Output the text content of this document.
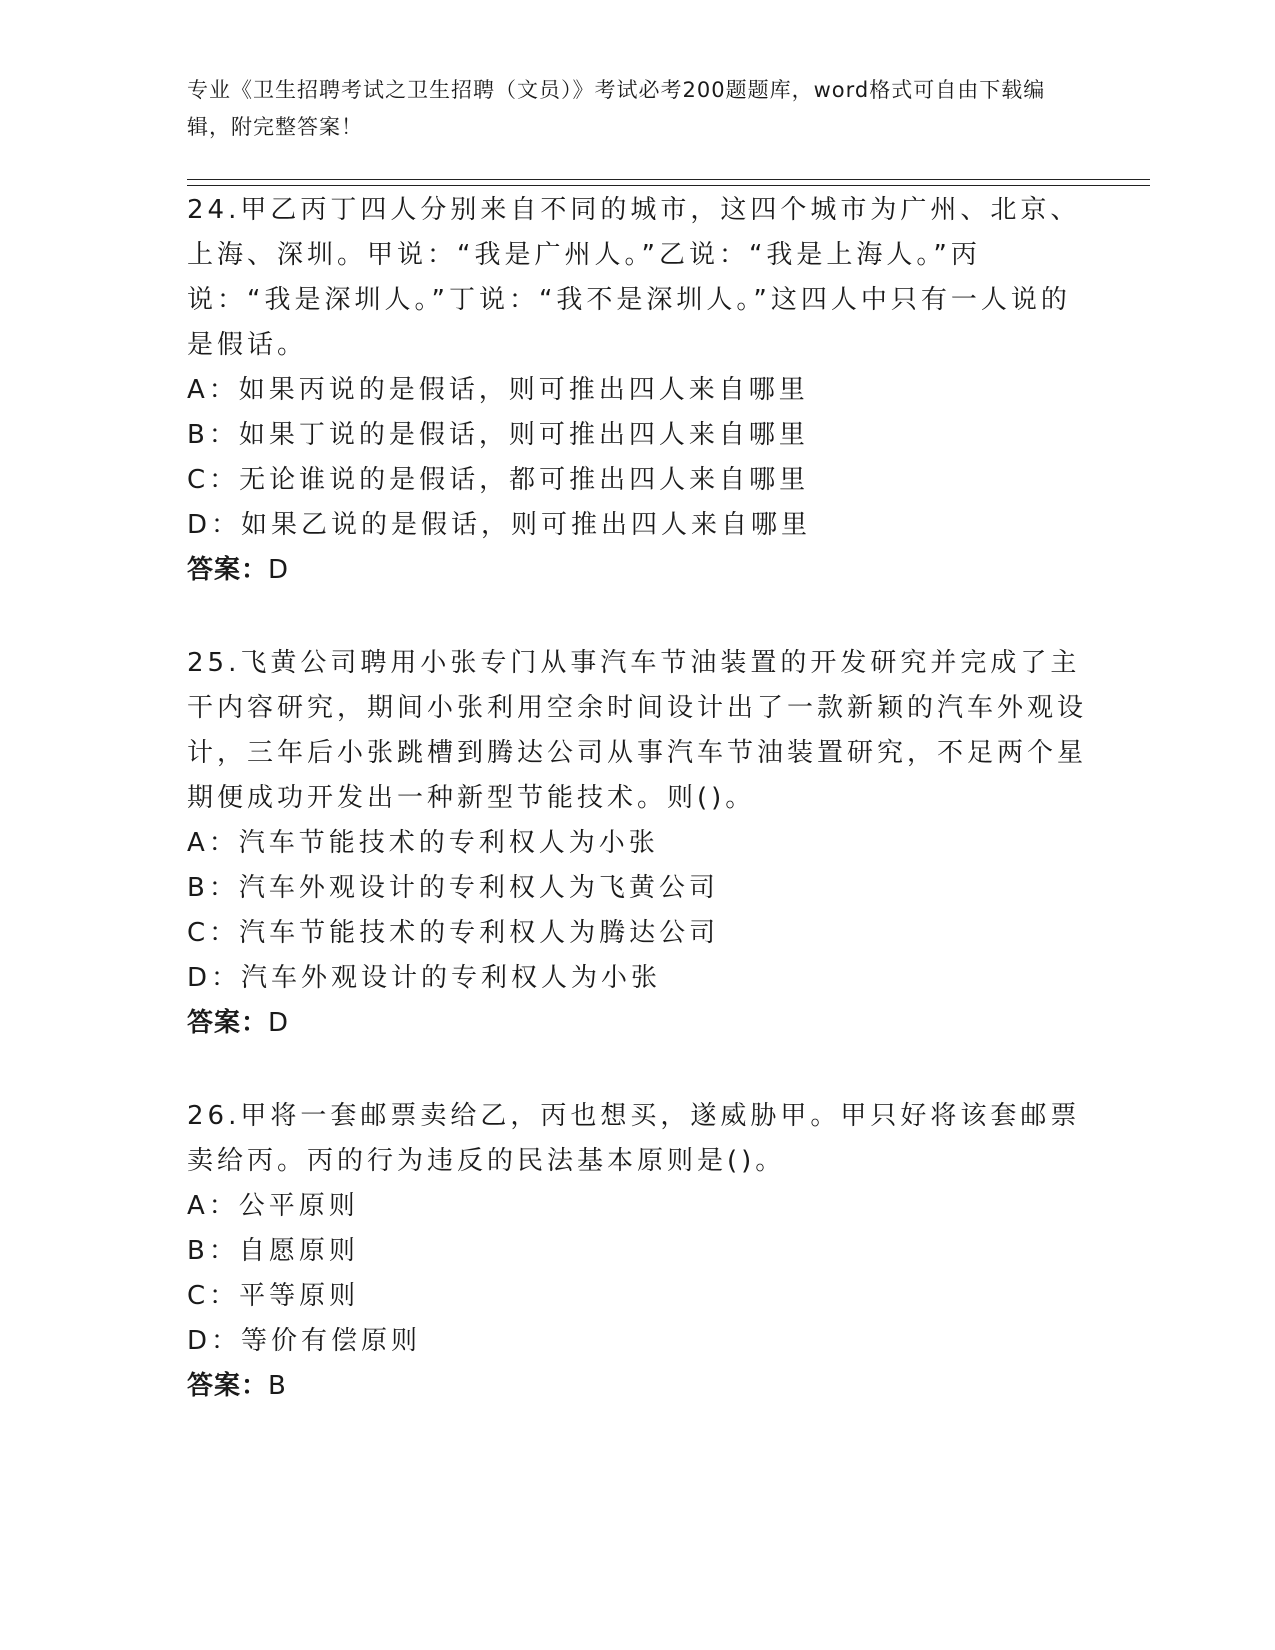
专业《卫生招聘考试之卫生招聘（文员）》考试必考200题题库，word格式可自由下载编辑，附完整答案！

24.甲乙丙丁四人分别来自不同的城市，这四个城市为广州、北京、上海、深圳。甲说：“我是广州人。”乙说：“我是上海人。”丙说：“我是深圳人。”丁说：“我不是深圳人。”这四人中只有一人说的是假话。

A：如果丙说的是假话，则可推出四人来自哪里

B：如果丁说的是假话，则可推出四人来自哪里

C：无论谁说的是假话，都可推出四人来自哪里

D：如果乙说的是假话，则可推出四人来自哪里

答案：D

25.飞黄公司聘用小张专门从事汽车节油装置的开发研究并完成了主干内容研究，期间小张利用空余时间设计出了一款新颖的汽车外观设计，三年后小张跳槽到腾达公司从事汽车节油装置研究，不足两个星期便成功开发出一种新型节能技术。则()。

A：汽车节能技术的专利权人为小张

B：汽车外观设计的专利权人为飞黄公司

C：汽车节能技术的专利权人为腾达公司

D：汽车外观设计的专利权人为小张

答案：D

26.甲将一套邮票卖给乙，丙也想买，遂威胁甲。甲只好将该套邮票卖给丙。丙的行为违反的民法基本原则是()。

A：公平原则

B：自愿原则

C：平等原则

D：等价有偿原则

答案：B
